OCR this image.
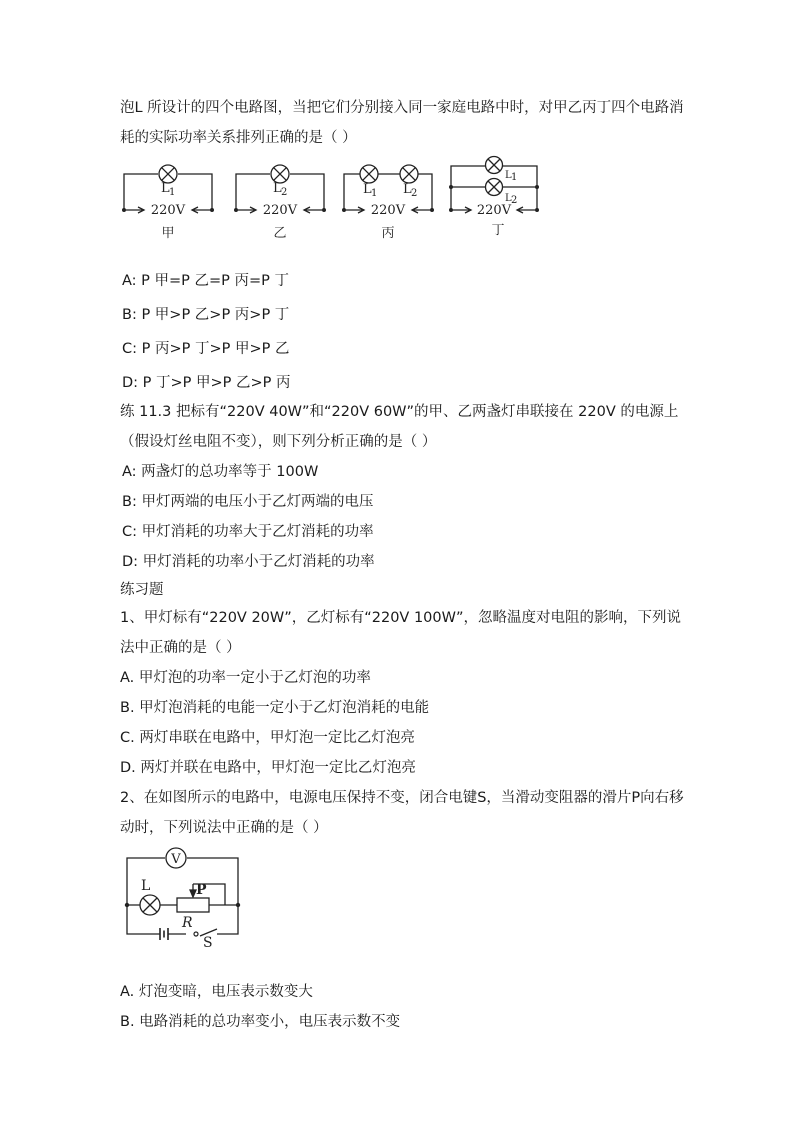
泡L 所设计的四个电路图，当把它们分别接入同一家庭电路中时，对甲乙丙丁四个电路消
耗的实际功率关系排列正确的是（ ）
L 1
220V
甲
L 2
220V
乙
L 1 L 2
220V
丙
L 1
L 2
220V
丁
A: P 甲=P 乙=P 丙=P 丁
B: P 甲>P 乙>P 丙>P 丁
C: P 丙>P 丁>P 甲>P 乙
D: P 丁>P 甲>P 乙>P 丙
练 11.3 把标有“220V 40W”和“220V 60W”的甲、乙两盏灯串联接在 220V 的电源上
（假设灯丝电阻不变），则下列分析正确的是（ ）
A: 两盏灯的总功率等于 100W
B: 甲灯两端的电压小于乙灯两端的电压
C: 甲灯消耗的功率大于乙灯消耗的功率
D: 甲灯消耗的功率小于乙灯消耗的功率
练习题
1、甲灯标有“220V 20W”，乙灯标有“220V 100W”，忽略温度对电阻的影响，下列说
法中正确的是（ ）
A. 甲灯泡的功率一定小于乙灯泡的功率
B. 甲灯泡消耗的电能一定小于乙灯泡消耗的电能
C. 两灯串联在电路中，甲灯泡一定比乙灯泡亮
D. 两灯并联在电路中，甲灯泡一定比乙灯泡亮
2、在如图所示的电路中，电源电压保持不变，闭合电键S，当滑动变阻器的滑片P向右移
动时，下列说法中正确的是（ ）
V
L	P
R
S
A. 灯泡变暗，电压表示数变大
B. 电路消耗的总功率变小，电压表示数不变
